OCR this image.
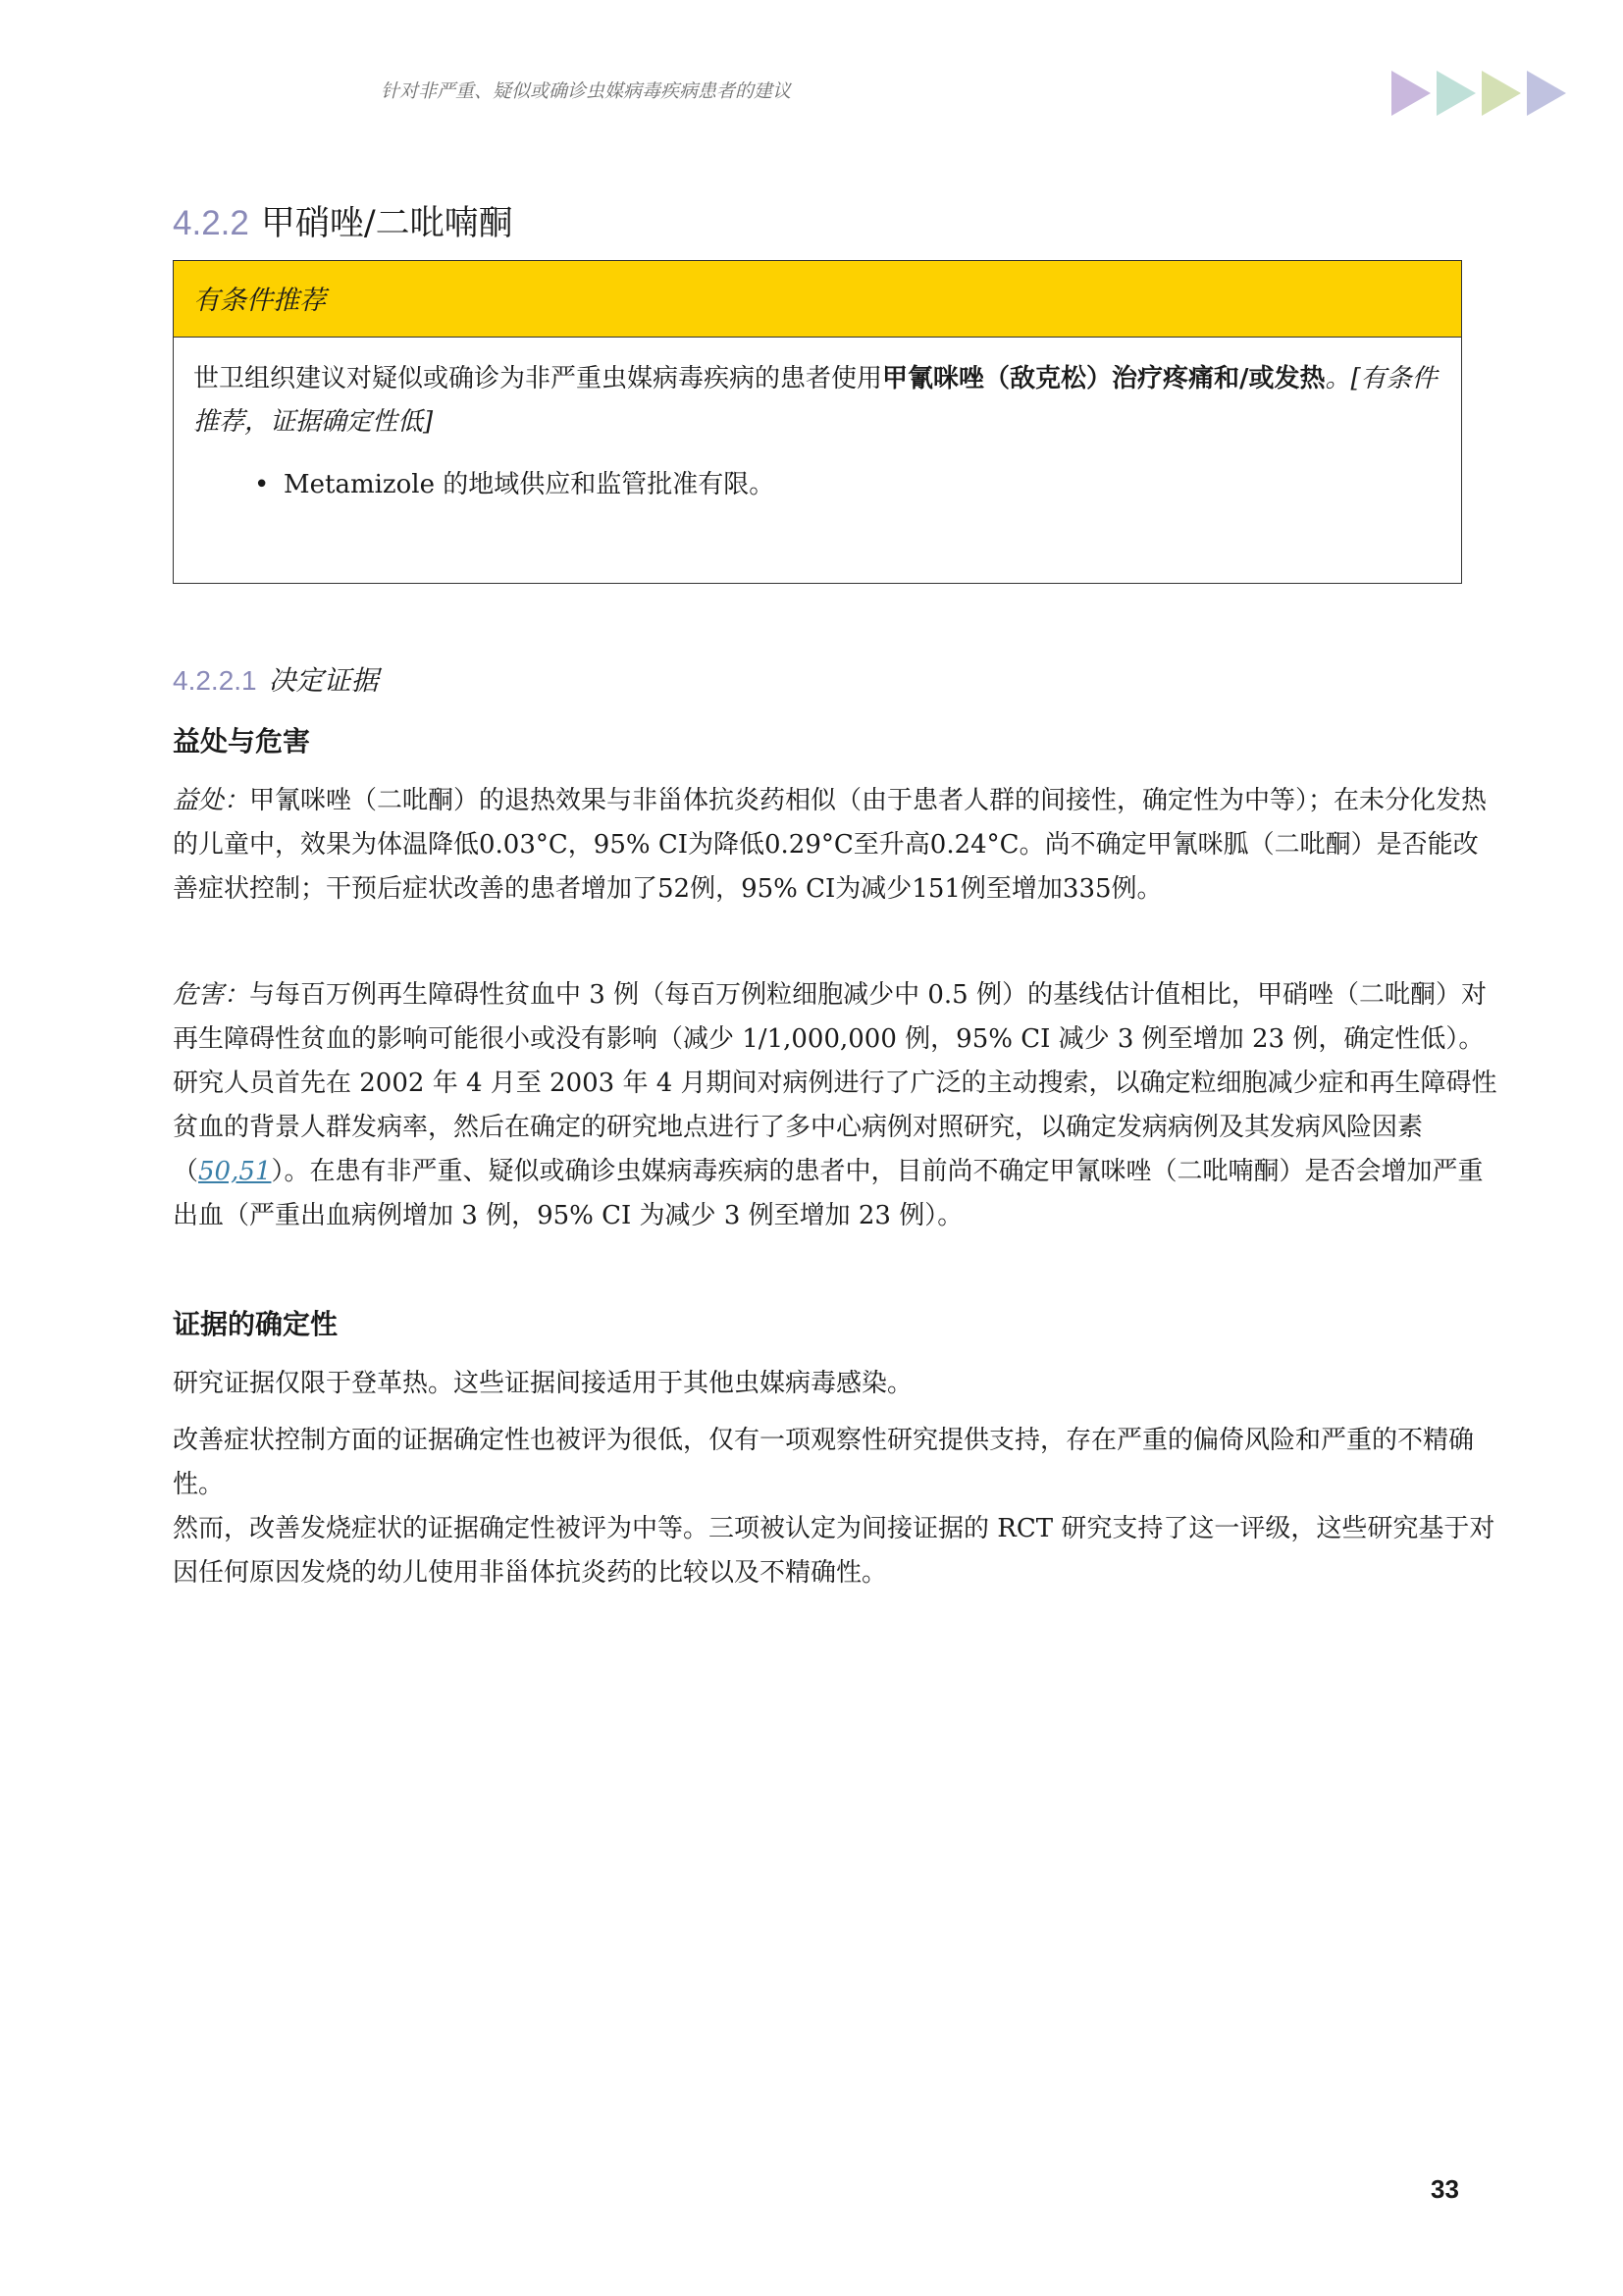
针对非严重、疑似或确诊虫媒病毒疾病患者的建议
4.2.2 甲硝唑/二吡喃酮
有条件推荐
世卫组织建议对疑似或确诊为非严重虫媒病毒疾病的患者使用甲氰咪唑（敌克松）治疗疼痛和/或发热。[有条件推荐，证据确定性低]
• Metamizole 的地域供应和监管批准有限。
4.2.2.1 决定证据
益处与危害

益处：甲氰咪唑（二吡酮）的退热效果与非甾体抗炎药相似（由于患者人群的间接性，确定性为中等）；在未分化发热的儿童中，效果为体温降低0.03°C，95% CI为降低0.29°C至升高0.24°C。尚不确定甲氰咪胍（二吡酮）是否能改善症状控制；干预后症状改善的患者增加了52例，95% CI为减少151例至增加335例。

危害：与每百万例再生障碍性贫血中 3 例（每百万例粒细胞减少中 0.5 例）的基线估计值相比，甲硝唑（二吡酮）对再生障碍性贫血的影响可能很小或没有影响（减少 1/1,000,000 例，95% CI 减少 3 例至增加 23 例，确定性低）。研究人员首先在 2002 年 4 月至 2003 年 4 月期间对病例进行了广泛的主动搜索，以确定粒细胞减少症和再生障碍性贫血的背景人群发病率，然后在确定的研究地点进行了多中心病例对照研究，以确定发病病例及其发病风险因素（50,51）。在患有非严重、疑似或确诊虫媒病毒疾病的患者中，目前尚不确定甲氰咪唑（二吡喃酮）是否会增加严重出血（严重出血病例增加 3 例，95% CI 为减少 3 例至增加 23 例）。

证据的确定性

研究证据仅限于登革热。这些证据间接适用于其他虫媒病毒感染。

改善症状控制方面的证据确定性也被评为很低，仅有一项观察性研究提供支持，存在严重的偏倚风险和严重的不精确性。

然而，改善发烧症状的证据确定性被评为中等。三项被认定为间接证据的 RCT 研究支持了这一评级，这些研究基于对因任何原因发烧的幼儿使用非甾体抗炎药的比较以及不精确性。

33
